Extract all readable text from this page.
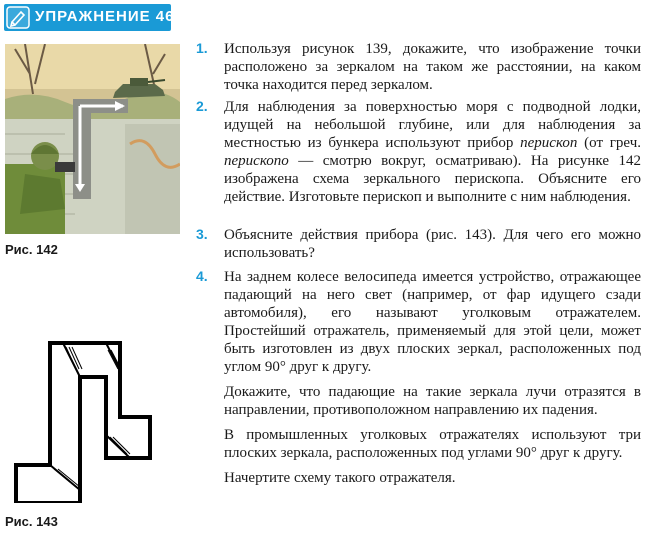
УПРАЖНЕНИЕ 46
Рис. 142
Рис. 143
1. Используя рисунок 139, докажите, что изображение точки расположено за зеркалом на таком же расстоянии, на каком точка находится перед зеркалом.

2. Для наблюдения за поверхностью моря с подводной лодки, идущей на небольшой глубине, или для наблюдения за местностью из бункера используют прибор перископ (от греч. перископо — смотрю вокруг, осматриваю). На рисунке 142 изображена схема зеркального перископа. Объясните его действие. Изготовьте перископ и выполните с ним наблюдения.

3. Объясните действия прибора (рис. 143). Для чего его можно использовать?

4. На заднем колесе велосипеда имеется устройство, отражающее падающий на него свет (например, от фар идущего сзади автомобиля), его называют уголковым отражателем. Простейший отражатель, применяемый для этой цели, может быть изготовлен из двух плоских зеркал, расположенных под углом 90° друг к другу.

Докажите, что падающие на такие зеркала лучи отразятся в направлении, противоположном направлению их падения.

В промышленных уголковых отражателях используют три плоских зеркала, расположенных под углами 90° друг к другу.

Начертите схему такого отражателя.
